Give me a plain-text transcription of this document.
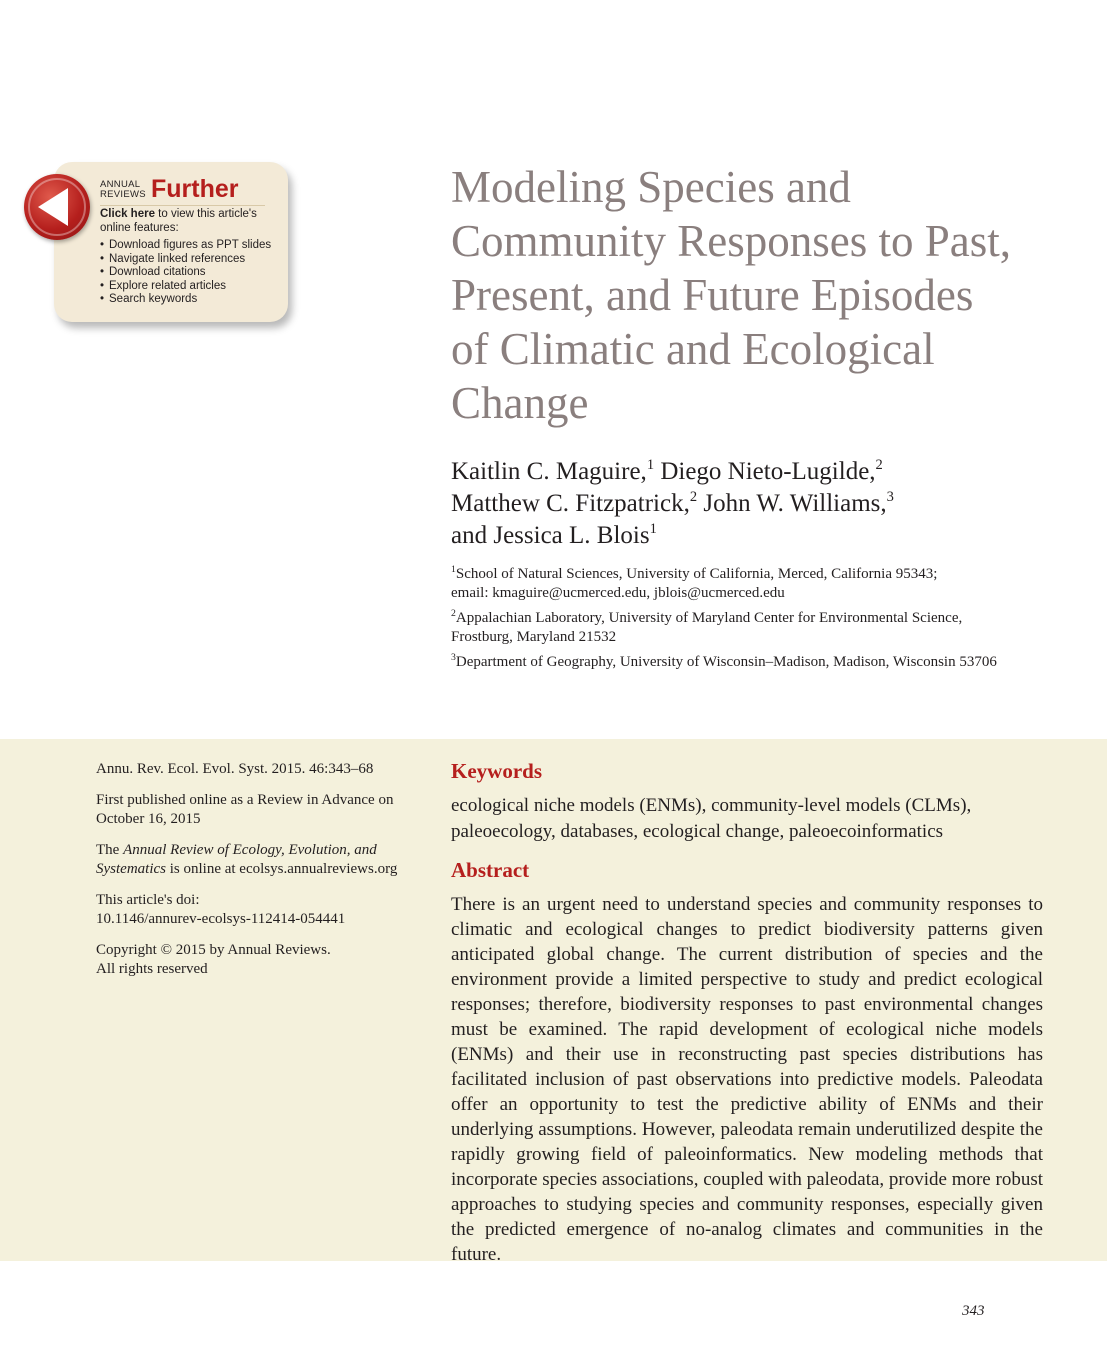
ANNUAL
REVIEWS Further
Click here to view this article's online features:
• Download figures as PPT slides
• Navigate linked references
• Download citations
• Explore related articles
• Search keywords
Modeling Species and
Community Responses to Past,
Present, and Future Episodes
of Climatic and Ecological
Change
Kaitlin C. Maguire,$^1$ Diego Nieto-Lugilde,$^2$
Matthew C. Fitzpatrick,$^2$ John W. Williams,$^3$
and Jessica L. Blois$^1$

$^1$School of Natural Sciences, University of California, Merced, California 95343;
email: kmaguire@ucmerced.edu, jblois@ucmerced.edu

$^2$Appalachian Laboratory, University of Maryland Center for Environmental Science,
Frostburg, Maryland 21532

$^3$Department of Geography, University of Wisconsin–Madison, Madison, Wisconsin 53706

Annu. Rev. Ecol. Evol. Syst. 2015. 46:343–68

First published online as a Review in Advance on October 16, 2015

The Annual Review of Ecology, Evolution, and Systematics is online at ecolsys.annualreviews.org

This article's doi:
10.1146/annurev-ecolsys-112414-054441

Copyright © 2015 by Annual Reviews.
All rights reserved

Keywords
ecological niche models (ENMs), community-level models (CLMs), paleoecology, databases, ecological change, paleoecoinformatics
Abstract
There is an urgent need to understand species and community responses to climatic and ecological changes to predict biodiversity patterns given anticipated global change. The current distribution of species and the environment provide a limited perspective to study and predict ecological responses; therefore, biodiversity responses to past environmental changes must be examined. The rapid development of ecological niche models (ENMs) and their use in reconstructing past species distributions has facilitated inclusion of past observations into predictive models. Paleodata offer an opportunity to test the predictive ability of ENMs and their underlying assumptions. However, paleodata remain underutilized despite the rapidly growing field of paleoinformatics. New modeling methods that incorporate species associations, coupled with paleodata, provide more robust approaches to studying species and community responses, especially given the predicted emergence of no-analog climates and communities in the future.
343
